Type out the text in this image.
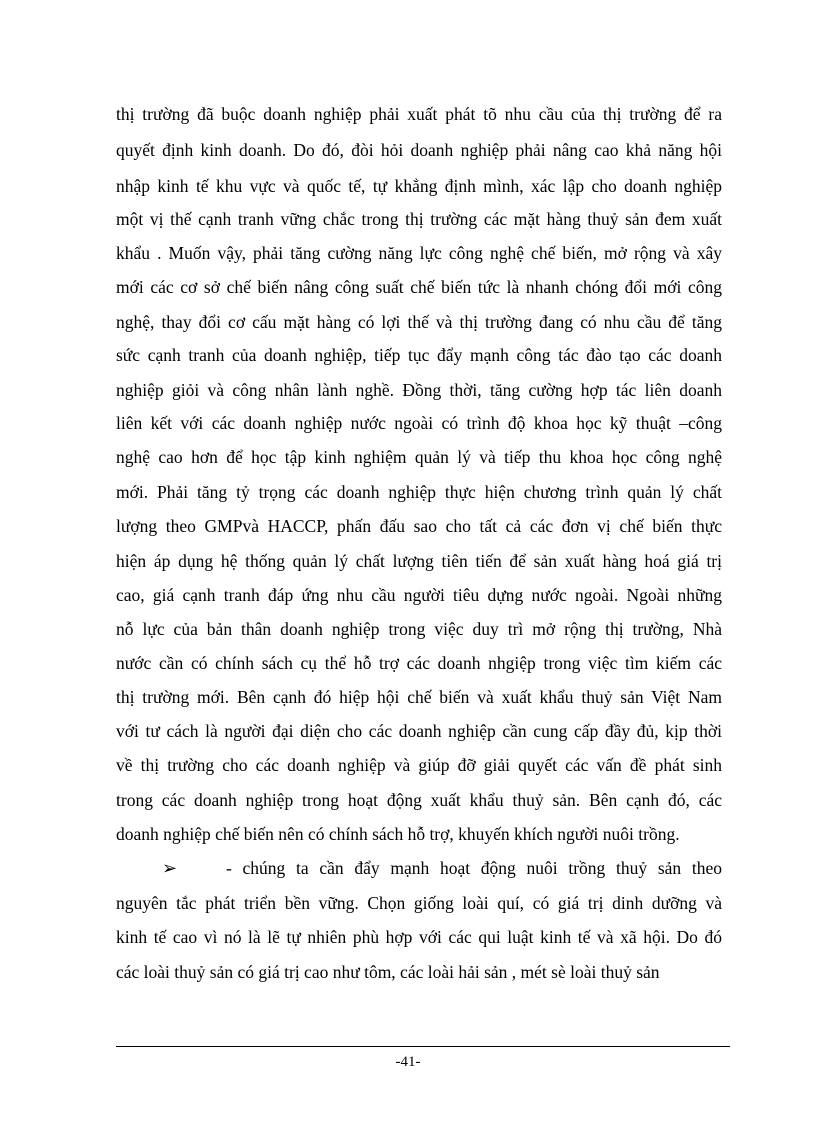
thị trường đã buộc doanh nghiệp phải xuất phát tõ nhu cầu của thị trường để ra
quyết định kinh doanh. Do đó, đòi hỏi doanh nghiệp phải nâng cao khả năng hội
nhập kinh tế khu vực và quốc tế, tự khẳng định mình, xác lập cho doanh nghiệp
một vị thế cạnh tranh vững chắc trong thị trường các mặt hàng thuỷ sản đem xuất
khẩu . Muốn vậy, phải tăng cường năng lực công nghệ chế biến, mở rộng và xây
mới các cơ sở chế biến nâng công suất chế biến tức là nhanh chóng đổi mới công
nghệ, thay đổi cơ cấu mặt hàng có lợi thế và thị trường đang có nhu cầu để tăng
sức cạnh tranh của doanh nghiệp, tiếp tục đẩy mạnh công tác đào tạo các doanh
nghiệp giỏi và công nhân lành nghề. Đồng thời, tăng cường hợp tác liên doanh
liên kết với các doanh nghiệp nước ngoài có trình độ khoa học kỹ thuật –công
nghệ cao hơn để học tập kinh nghiệm quản lý và tiếp thu khoa học công nghệ
mới. Phải tăng tỷ trọng các doanh nghiệp thực hiện chương trình quản lý chất
lượng theo GMPvà HACCP, phấn đấu sao cho tất cả các đơn vị chế biến thực
hiện áp dụng hệ thống quản lý chất lượng tiên tiến để sản xuất hàng hoá giá trị
cao, giá cạnh tranh đáp ứng nhu cầu người tiêu dựng nước ngoài. Ngoài những
nỗ lực của bản thân doanh nghiệp trong việc duy trì mở rộng thị trường, Nhà
nước cần có chính sách cụ thể hỗ trợ các doanh nhgiệp trong việc tìm kiếm các
thị trường mới. Bên cạnh đó hiệp hội chế biến và xuất khẩu thuỷ sản Việt Nam
với tư cách là người đại diện cho các doanh nghiệp cần cung cấp đầy đủ, kịp thời
về thị trường cho các doanh nghiệp và giúp đỡ giải quyết các vấn đề phát sinh
trong các doanh nghiệp trong hoạt động xuất khẩu thuỷ sản. Bên cạnh đó, các
doanh nghiệp chế biến nên có chính sách hỗ trợ, khuyến khích người nuôi trồng.
➢	- chúng ta cần đẩy mạnh hoạt động nuôi trồng thuỷ sản theo
nguyên tắc phát triển bền vững. Chọn giống loài quí, có giá trị dinh dưỡng và
kinh tế cao vì nó là lẽ tự nhiên phù hợp với các qui luật kinh tế và xã hội. Do đó
các loài thuỷ sản có giá trị cao như tôm, các loài hải sản , mét sè loài thuỷ sản
-41-
